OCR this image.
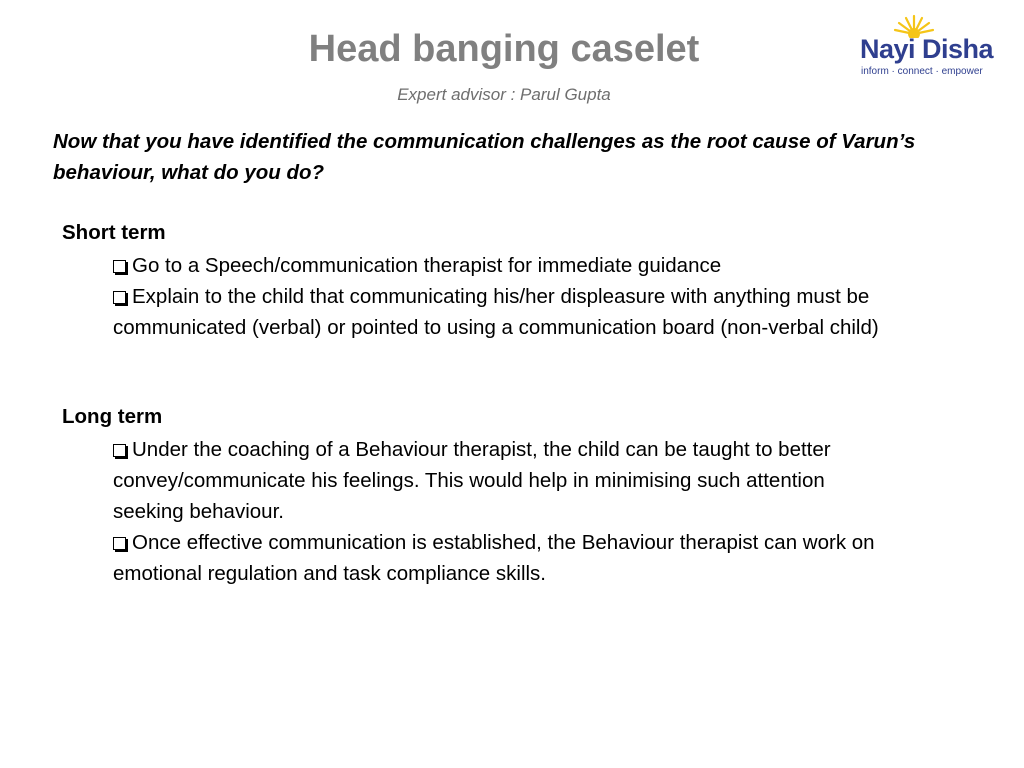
Head banging caselet
Expert advisor : Parul Gupta
Nayi Disha
inform · connect · empower
Now that you have identified the communication challenges as the root cause of Varun’s behaviour, what do you do?
Short term

Go to a Speech/communication therapist for immediate guidance

Explain to the child that communicating his/her displeasure with anything must be communicated (verbal) or pointed to using a communication board (non-verbal child)

Long term

Under the coaching of a Behaviour therapist, the child can be taught to better convey/communicate his feelings. This would help in minimising such attention seeking behaviour.

Once effective communication is established, the Behaviour therapist can work on emotional regulation and task compliance skills.
